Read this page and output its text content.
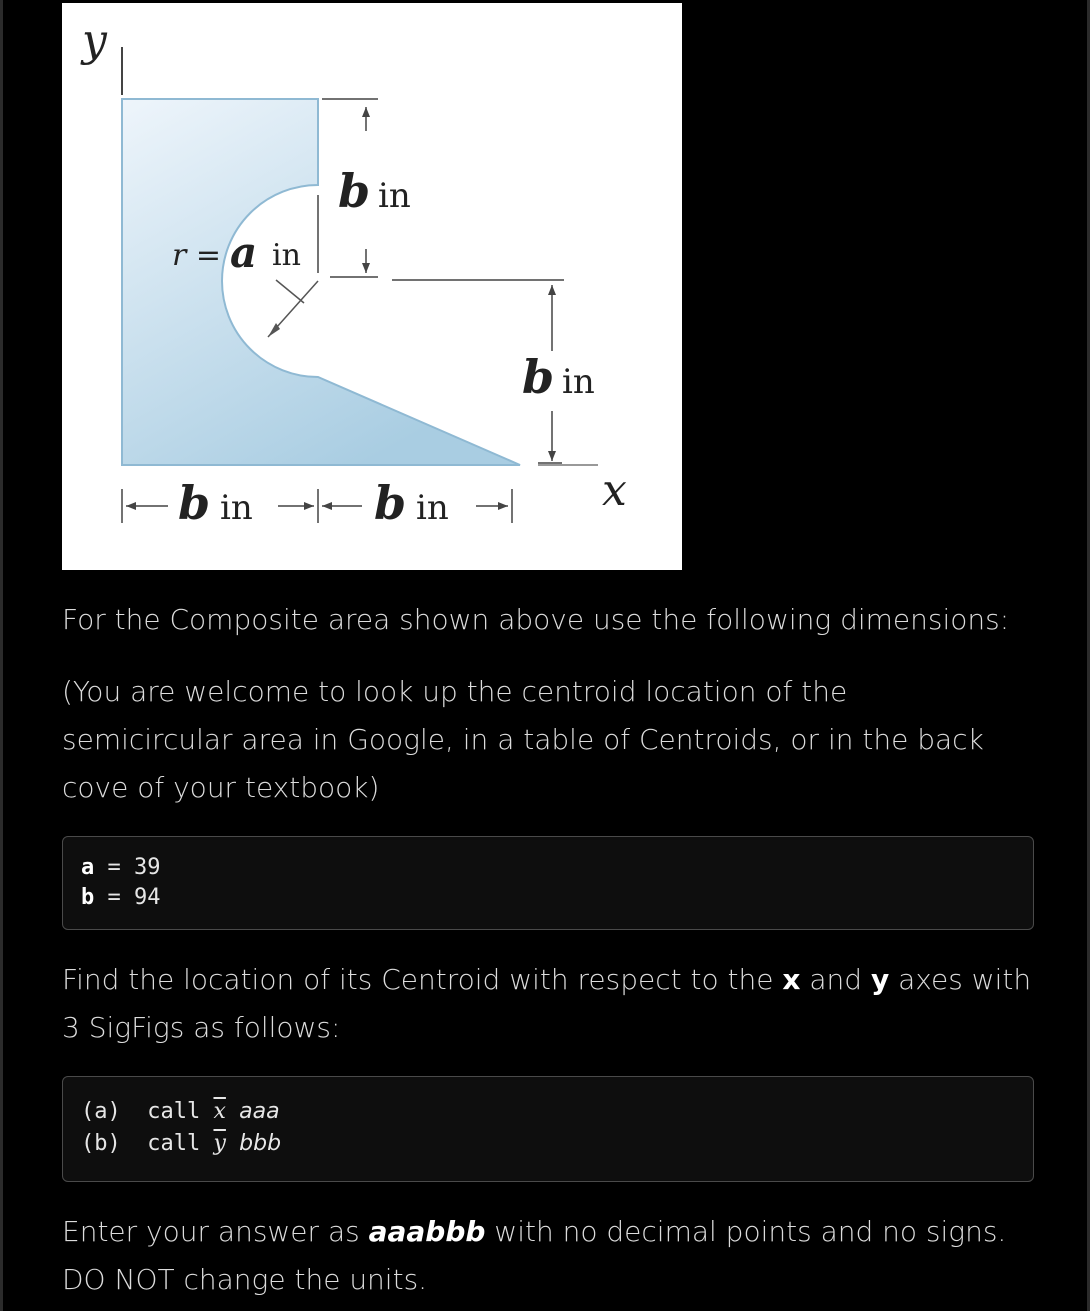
y
r = a in
b in
b in
x
b in	b in

For the Composite area shown above use the following dimensions:

(You are welcome to look up the centroid location of the semicircular area in Google, in a table of Centroids, or in the back cove of your textbook)

a = 39
b = 94

Find the location of its Centroid with respect to the x and y axes with 3 SigFigs as follows:

(a) call $\overline{x}$ aaa
(b) call $\overline{y}$ bbb

Enter your answer as aaabbb with no decimal points and no signs. DO NOT change the units.
